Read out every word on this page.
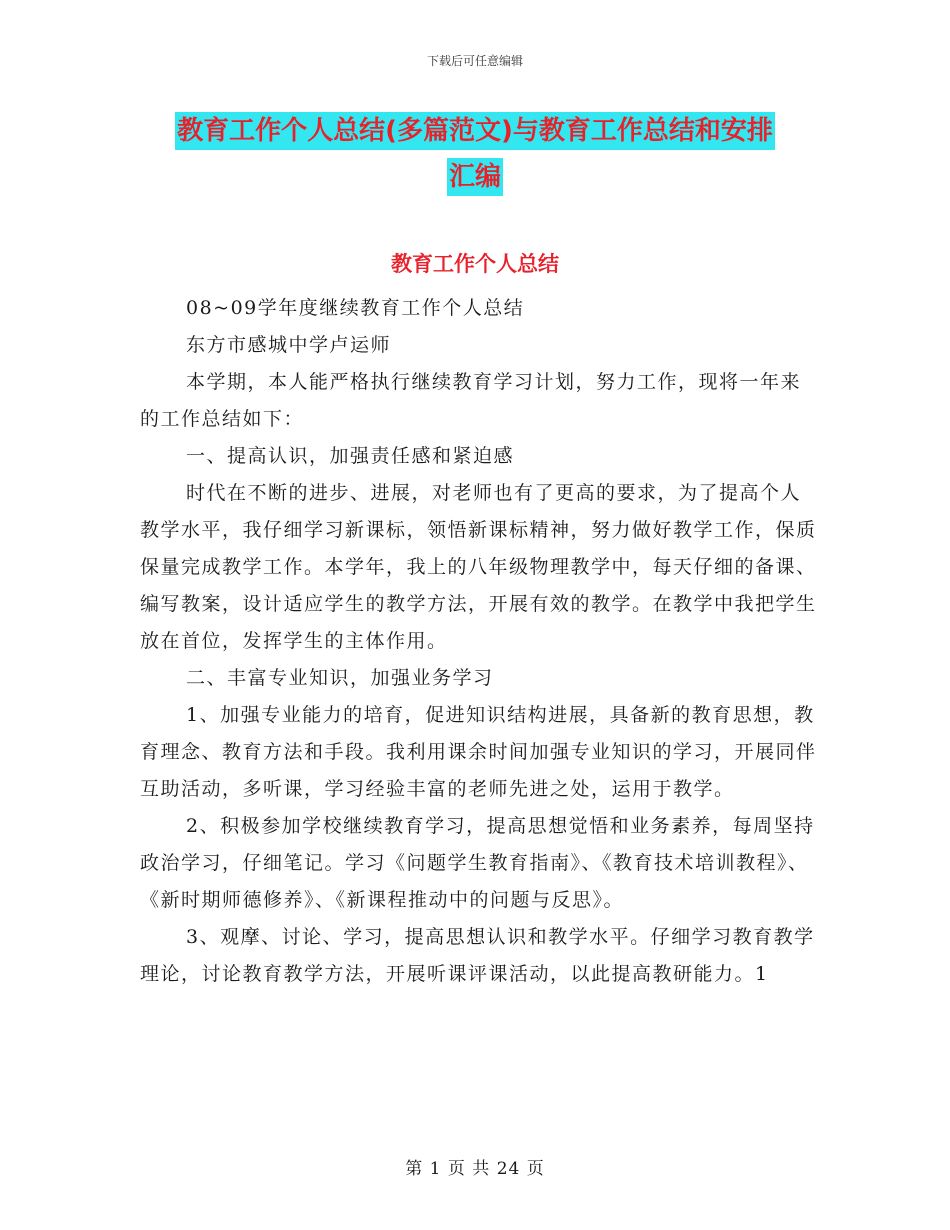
下载后可任意编辑
教育工作个人总结(多篇范文)与教育工作总结和安排
汇编
教育工作个人总结

08~09学年度继续教育工作个人总结

东方市感城中学卢运师

本学期，本人能严格执行继续教育学习计划，努力工作，现将一年来的工作总结如下：

一、提高认识，加强责任感和紧迫感

时代在不断的进步、进展，对老师也有了更高的要求，为了提高个人教学水平，我仔细学习新课标，领悟新课标精神，努力做好教学工作，保质保量完成教学工作。本学年，我上的八年级物理教学中，每天仔细的备课、编写教案，设计适应学生的教学方法，开展有效的教学。在教学中我把学生放在首位，发挥学生的主体作用。

二、丰富专业知识，加强业务学习

1、加强专业能力的培育，促进知识结构进展，具备新的教育思想，教育理念、教育方法和手段。我利用课余时间加强专业知识的学习，开展同伴互助活动，多听课，学习经验丰富的老师先进之处，运用于教学。

2、积极参加学校继续教育学习，提高思想觉悟和业务素养，每周坚持政治学习，仔细笔记。学习《问题学生教育指南》、《教育技术培训教程》、《新时期师德修养》、《新课程推动中的问题与反思》。

3、观摩、讨论、学习，提高思想认识和教学水平。仔细学习教育教学理论，讨论教育教学方法，开展听课评课活动，以此提高教研能力。1

第 1 页 共 24 页
